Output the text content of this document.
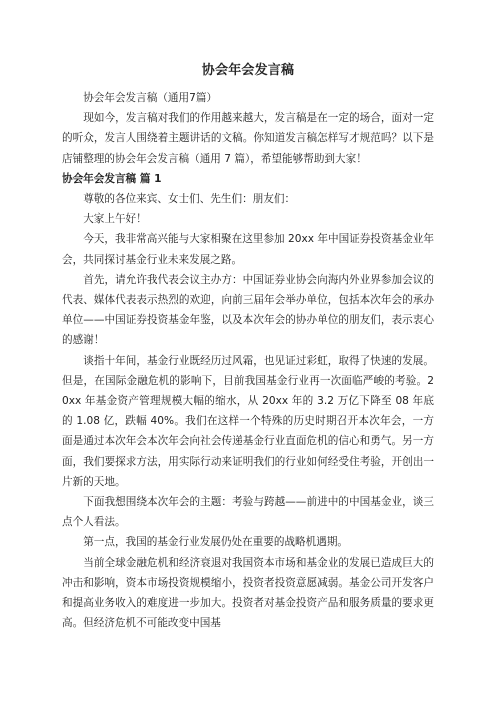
协会年会发言稿

协会年会发言稿（通用7篇）

现如今，发言稿对我们的作用越来越大，发言稿是在一定的场合，面对一定的听众，发言人围绕着主题讲话的文稿。你知道发言稿怎样写才规范吗？以下是店铺整理的协会年会发言稿（通用 7 篇），希望能够帮助到大家！

协会年会发言稿 篇 1

尊敬的各位来宾、女士们、先生们：朋友们：

大家上午好！

今天，我非常高兴能与大家相聚在这里参加 20xx 年中国证券投资基金业年会，共同探讨基金行业未来发展之路。

首先，请允许我代表会议主办方：中国证券业协会向海内外业界参加会议的代表、媒体代表表示热烈的欢迎，向前三届年会举办单位，包括本次年会的承办单位——中国证券投资基金年鉴，以及本次年会的协办单位的朋友们，表示衷心的感谢！

谈指十年间，基金行业既经历过风霜，也见证过彩虹，取得了快速的发展。但是，在国际金融危机的影响下，目前我国基金行业再一次面临严峻的考验。20xx 年基金资产管理规模大幅的缩水，从 20xx 年的 3.2 万亿下降至 08 年底的 1.08 亿，跌幅 40%。我们在这样一个特殊的历史时期召开本次年会，一方面是通过本次年会本次年会向社会传递基金行业直面危机的信心和勇气。另一方面，我们要探求方法，用实际行动来证明我们的行业如何经受住考验，开创出一片新的天地。

下面我想围绕本次年会的主题：考验与跨越——前进中的中国基金业，谈三点个人看法。

第一点，我国的基金行业发展仍处在重要的战略机遇期。

当前全球金融危机和经济衰退对我国资本市场和基金业的发展已造成巨大的冲击和影响，资本市场投资规模缩小，投资者投资意愿减弱。基金公司开发客户和提高业务收入的难度进一步加大。投资者对基金投资产品和服务质量的要求更高。但经济危机不可能改变中国基
